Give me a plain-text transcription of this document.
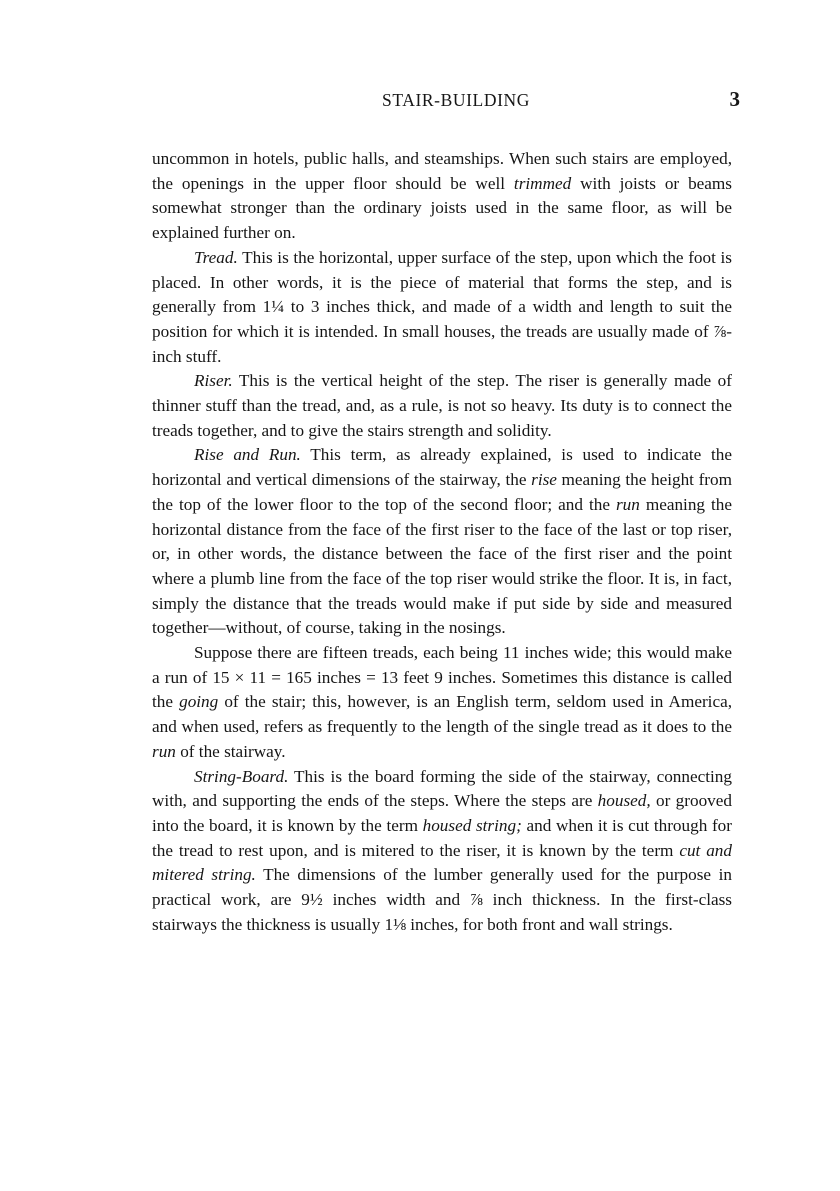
STAIR-BUILDING	3

uncommon in hotels, public halls, and steamships. When such stairs are employed, the openings in the upper floor should be well trimmed with joists or beams somewhat stronger than the ordinary joists used in the same floor, as will be explained further on.

Tread. This is the horizontal, upper surface of the step, upon which the foot is placed. In other words, it is the piece of material that forms the step, and is generally from 1¼ to 3 inches thick, and made of a width and length to suit the position for which it is intended. In small houses, the treads are usually made of ⅞-inch stuff.

Riser. This is the vertical height of the step. The riser is generally made of thinner stuff than the tread, and, as a rule, is not so heavy. Its duty is to connect the treads together, and to give the stairs strength and solidity.

Rise and Run. This term, as already explained, is used to indicate the horizontal and vertical dimensions of the stairway, the rise meaning the height from the top of the lower floor to the top of the second floor; and the run meaning the horizontal distance from the face of the first riser to the face of the last or top riser, or, in other words, the distance between the face of the first riser and the point where a plumb line from the face of the top riser would strike the floor. It is, in fact, simply the distance that the treads would make if put side by side and measured together—without, of course, taking in the nosings.

Suppose there are fifteen treads, each being 11 inches wide; this would make a run of 15 × 11 = 165 inches = 13 feet 9 inches. Sometimes this distance is called the going of the stair; this, however, is an English term, seldom used in America, and when used, refers as frequently to the length of the single tread as it does to the run of the stairway.

String-Board. This is the board forming the side of the stairway, connecting with, and supporting the ends of the steps. Where the steps are housed, or grooved into the board, it is known by the term housed string; and when it is cut through for the tread to rest upon, and is mitered to the riser, it is known by the term cut and mitered string. The dimensions of the lumber generally used for the purpose in practical work, are 9½ inches width and ⅞ inch thickness. In the first-class stairways the thickness is usually 1⅛ inches, for both front and wall strings.
